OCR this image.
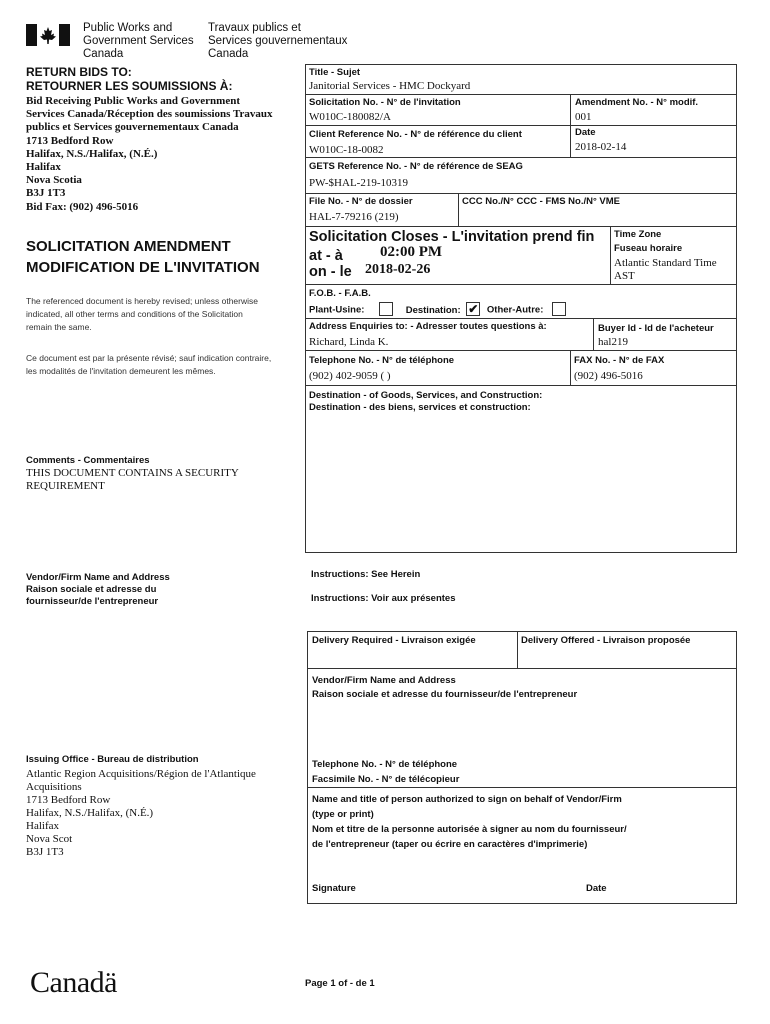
Public Works and
Government Services
Canada
Travaux publics et
Services gouvernementaux
Canada
RETURN BIDS TO:
RETOURNER LES SOUMISSIONS À:
Bid Receiving Public Works and Government
Services Canada/Réception des soumissions Travaux
publics et Services gouvernementaux Canada
1713 Bedford Row
Halifax, N.S./Halifax, (N.É.)
Halifax
Nova Scotia
B3J 1T3
Bid Fax: (902) 496-5016
SOLICITATION AMENDMENT
MODIFICATION DE L'INVITATION
The referenced document is hereby revised; unless otherwise
indicated, all other terms and conditions of the Solicitation
remain the same.
Ce document est par la présente révisé; sauf indication contraire,
les modalités de l'invitation demeurent les mêmes.
Comments - Commentaires
THIS DOCUMENT CONTAINS A SECURITY
REQUIREMENT
Vendor/Firm Name and Address
Raison sociale et adresse du
fournisseur/de l'entrepreneur
Issuing Office - Bureau de distribution
Atlantic Region Acquisitions/Région de l'Atlantique
Acquisitions
1713 Bedford Row
Halifax, N.S./Halifax, (N.É.)
Halifax
Nova Scot
B3J 1T3
Title - Sujet
Janitorial Services - HMC Dockyard
Solicitation No. - N° de l'invitation
W010C-180082/A
Amendment No. - N° modif.
001
Client Reference No. - N° de référence du client
W010C-18-0082
Date
2018-02-14
GETS Reference No. - N° de référence de SEAG
PW-$HAL-219-10319
File No. - N° de dossier
HAL-7-79216 (219)
CCC No./N° CCC - FMS No./N° VME
Solicitation Closes - L'invitation prend fin
at - à 02:00 PM
on - le 2018-02-26
Time Zone
Fuseau horaire
Atlantic Standard Time
AST
F.O.B. - F.A.B.
Plant-Usine:	Destination: ✔ Other-Autre:
Address Enquiries to: - Adresser toutes questions à:
Richard, Linda K.
Buyer Id - Id de l'acheteur
hal219
Telephone No. - N° de téléphone
(902) 402-9059 ( )
FAX No. - N° de FAX
(902) 496-5016
Destination - of Goods, Services, and Construction:
Destination - des biens, services et construction:
Instructions: See Herein
Instructions: Voir aux présentes
Delivery Required - Livraison exigée	Delivery Offered - Livraison proposée
Vendor/Firm Name and Address
Raison sociale et adresse du fournisseur/de l'entrepreneur
Telephone No. - N° de téléphone
Facsimile No. - N° de télécopieur
Name and title of person authorized to sign on behalf of Vendor/Firm
(type or print)
Nom et titre de la personne autorisée à signer au nom du fournisseur/
de l'entrepreneur (taper ou écrire en caractères d'imprimerie)
Signature	Date
Canadä	Page 1 of - de 1
